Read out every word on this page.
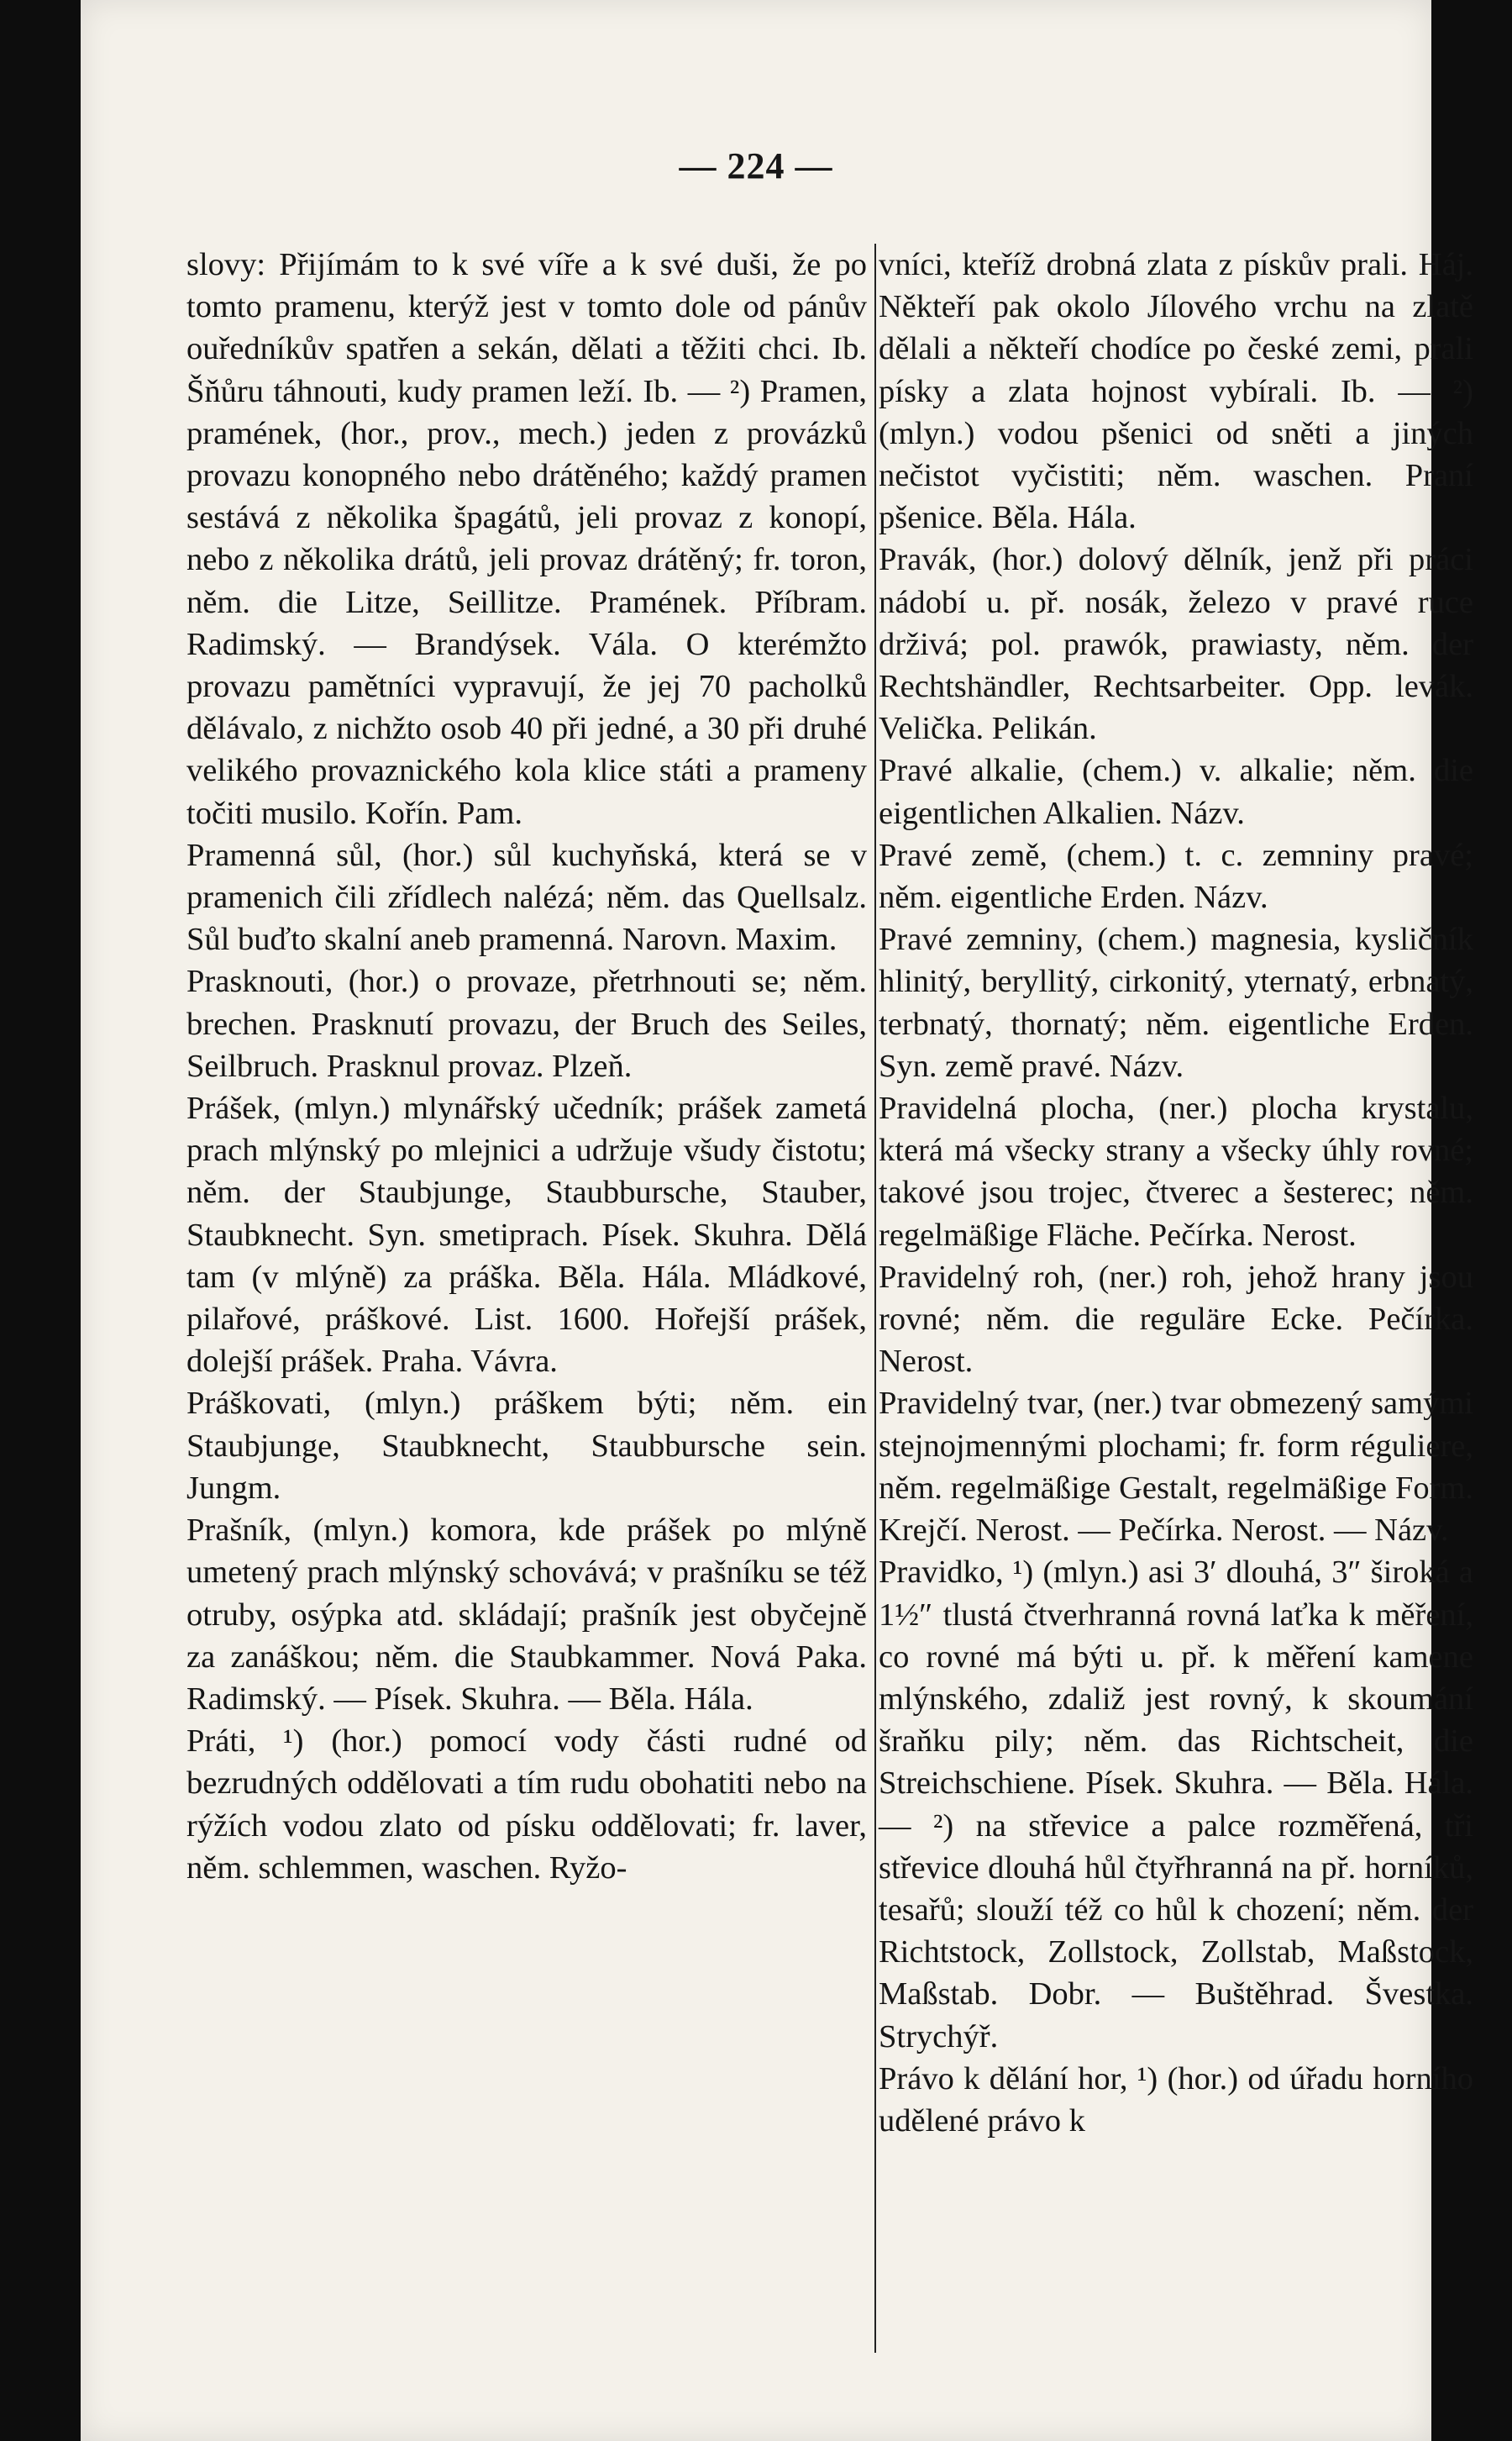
— 224 —

slovy: Přijímám to k své víře a k své duši, že po tomto pramenu, kterýž jest v tomto dole od pánův ouředníkův spatřen a sekán, dělati a těžiti chci. Ib. Šňůru táhnouti, kudy pramen leží. Ib. — ²) Pramen, pramének, (hor., prov., mech.) jeden z provázků provazu konopného nebo drátěného; každý pramen sestává z několika špagátů, jeli provaz z konopí, nebo z několika drátů, jeli provaz drátěný; fr. toron, něm. die Litze, Seillitze. Pramének. Příbram. Radimský. — Brandýsek. Vála. O kterémžto provazu pamětníci vypravují, že jej 70 pacholků dělávalo, z nichžto osob 40 při jedné, a 30 při druhé velikého provaznického kola klice státi a prameny točiti musilo. Kořín. Pam.

Pramenná sůl, (hor.) sůl kuchyňská, která se v pramenich čili zřídlech nalézá; něm. das Quellsalz. Sůl buďto skalní aneb pramenná. Narovn. Maxim.

Prasknouti, (hor.) o provaze, přetrhnouti se; něm. brechen. Prasknutí provazu, der Bruch des Seiles, Seilbruch. Prasknul provaz. Plzeň.

Prášek, (mlyn.) mlynářský učedník; prášek zametá prach mlýnský po mlejnici a udržuje všudy čistotu; něm. der Staubjunge, Staubbursche, Stauber, Staubknecht. Syn. smetiprach. Písek. Skuhra. Dělá tam (v mlýně) za práška. Běla. Hála. Mládkové, pilařové, práškové. List. 1600. Hořejší prášek, dolejší prášek. Praha. Vávra.

Práškovati, (mlyn.) práškem býti; něm. ein Staubjunge, Staubknecht, Staubbursche sein. Jungm.

Prašník, (mlyn.) komora, kde prášek po mlýně umetený prach mlýnský schovává; v prašníku se též otruby, osýpka atd. skládají; prašník jest obyčejně za zanáškou; něm. die Staubkammer. Nová Paka. Radimský. — Písek. Skuhra. — Běla. Hála.

Práti, ¹) (hor.) pomocí vody části rudné od bezrudných oddělovati a tím rudu obohatiti nebo na rýžích vodou zlato od písku oddělovati; fr. laver, něm. schlemmen, waschen. Ryžo-

vníci, kteříž drobná zlata z pískův prali. Háj. Někteří pak okolo Jílového vrchu na zlatě dělali a někteří chodíce po české zemi, prali písky a zlata hojnost vybírali. Ib. — ²) (mlyn.) vodou pšenici od sněti a jiných nečistot vyčistiti; něm. waschen. Praní pšenice. Běla. Hála.

Pravák, (hor.) dolový dělník, jenž při práci nádobí u. př. nosák, železo v pravé ruce drživá; pol. prawók, prawiasty, něm. der Rechtshändler, Rechtsarbeiter. Opp. levák. Velička. Pelikán.

Pravé alkalie, (chem.) v. alkalie; něm. die eigentlichen Alkalien. Názv.

Pravé země, (chem.) t. c. zemniny pravé; něm. eigentliche Erden. Názv.

Pravé zemniny, (chem.) magnesia, kysličník hlinitý, beryllitý, cirkonitý, yternatý, erbnatý, terbnatý, thornatý; něm. eigentliche Erden. Syn. země pravé. Názv.

Pravidelná plocha, (ner.) plocha krystalu, která má všecky strany a všecky úhly rovné; takové jsou trojec, čtverec a šesterec; něm. regelmäßige Fläche. Pečírka. Nerost.

Pravidelný roh, (ner.) roh, jehož hrany jsou rovné; něm. die reguläre Ecke. Pečírka. Nerost.

Pravidelný tvar, (ner.) tvar obmezený samými stejnojmennými plochami; fr. form réguliere, něm. regelmäßige Gestalt, regelmäßige Form. Krejčí. Nerost. — Pečírka. Nerost. — Názv.

Pravidko, ¹) (mlyn.) asi 3′ dlouhá, 3″ široká a 1½″ tlustá čtverhranná rovná laťka k měření, co rovné má býti u. př. k měření kamene mlýnského, zdaliž jest rovný, k skoumání šraňku pily; něm. das Richtscheit, die Streichschiene. Písek. Skuhra. — Běla. Hála. — ²) na střevice a palce rozměřená, tři střevice dlouhá hůl čtyřhranná na př. horníků, tesařů; slouží též co hůl k chození; něm. der Richtstock, Zollstock, Zollstab, Maßstock, Maßstab. Dobr. — Buštěhrad. Švestka. Strychýř.

Právo k dělání hor, ¹) (hor.) od úřadu horního udělené právo k
